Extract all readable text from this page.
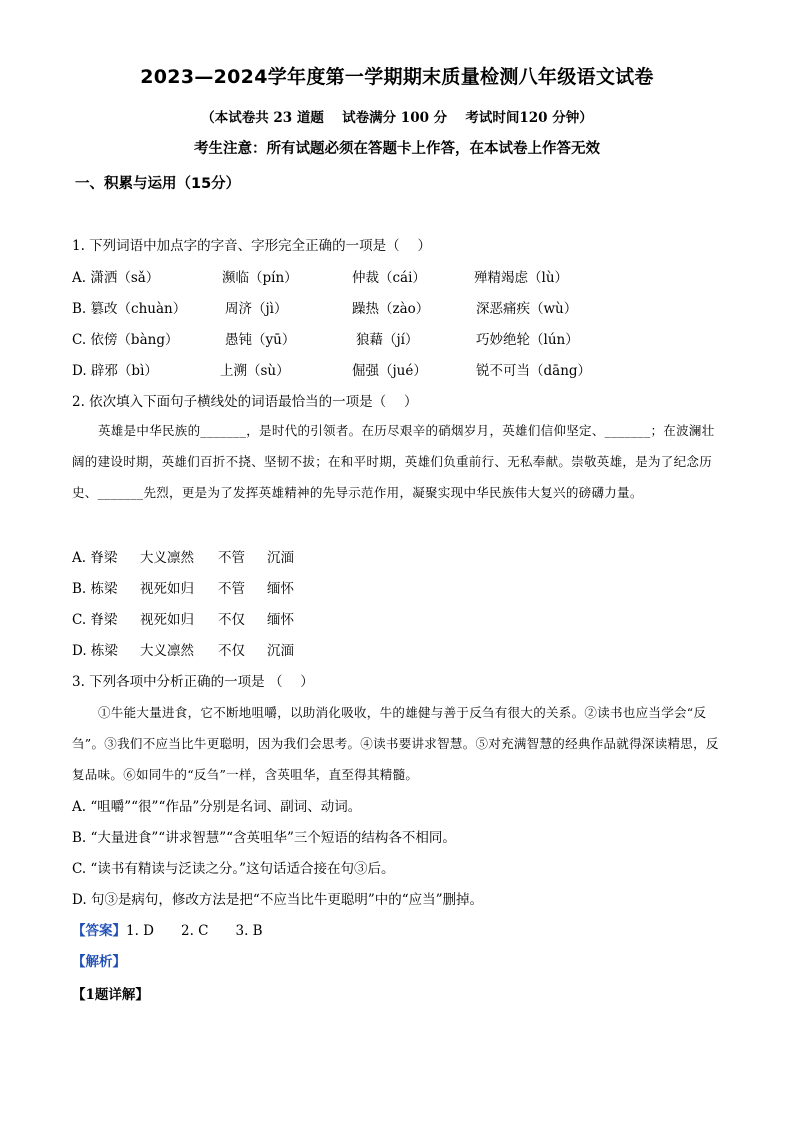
2023—2024学年度第一学期期末质量检测八年级语文试卷
（本试卷共 23 道题　 试卷满分 100 分　 考试时间120 分钟）
考生注意：所有试题必须在答题卡上作答，在本试卷上作答无效
一、积累与运用（15分）
1. 下列词语中加点字的字音、字形完全正确的一项是（　 ）
A. 潇洒（sǎ）	濒临（pín）	仲裁（cái）	殚精竭虑（lù）
B. 篡改（chuàn）	周济（jì）	躁热（zào）	深恶痛疾（wù）
C. 依傍（bàng）	愚钝（yū）	狼藉（jí）	巧妙绝轮（lún）
D. 辟邪（bì）	上溯（sù）	倔强（jué）	锐不可当（dāng）
2. 依次填入下面句子横线处的词语最恰当的一项是（　 ）
英雄是中华民族的_______，是时代的引领者。在历尽艰辛的硝烟岁月，英雄们信仰坚定、_______；在波澜壮阔的建设时期，英雄们百折不挠、坚韧不拔；在和平时期，英雄们负重前行、无私奉献。崇敬英雄，是为了纪念历史、_______先烈，更是为了发挥英雄精神的先导示范作用，凝聚实现中华民族伟大复兴的磅礴力量。
A. 脊梁 大义凛然 不管 沉湎
B. 栋梁 视死如归 不管 缅怀
C. 脊梁 视死如归 不仅 缅怀
D. 栋梁 大义凛然 不仅 沉湎
3. 下列各项中分析正确的一项是 （　 ）
①牛能大量进食，它不断地咀嚼，以助消化吸收，牛的雄健与善于反刍有很大的关系。②读书也应当学会“反刍”。③我们不应当比牛更聪明，因为我们会思考。④读书要讲求智慧。⑤对充满智慧的经典作品就得深读精思，反复品味。⑥如同牛的“反刍”一样，含英咀华，直至得其精髓。
A. “咀嚼”“很”“作品”分别是名词、副词、动词。
B. “大量进食”“讲求智慧”“含英咀华”三个短语的结构各不相同。
C. “读书有精读与泛读之分。”这句话适合接在句③后。
D. 句③是病句，修改方法是把“不应当比牛更聪明”中的“应当”删掉。
【答案】1. D　　2. C　　3. B
【解析】
【1题详解】
